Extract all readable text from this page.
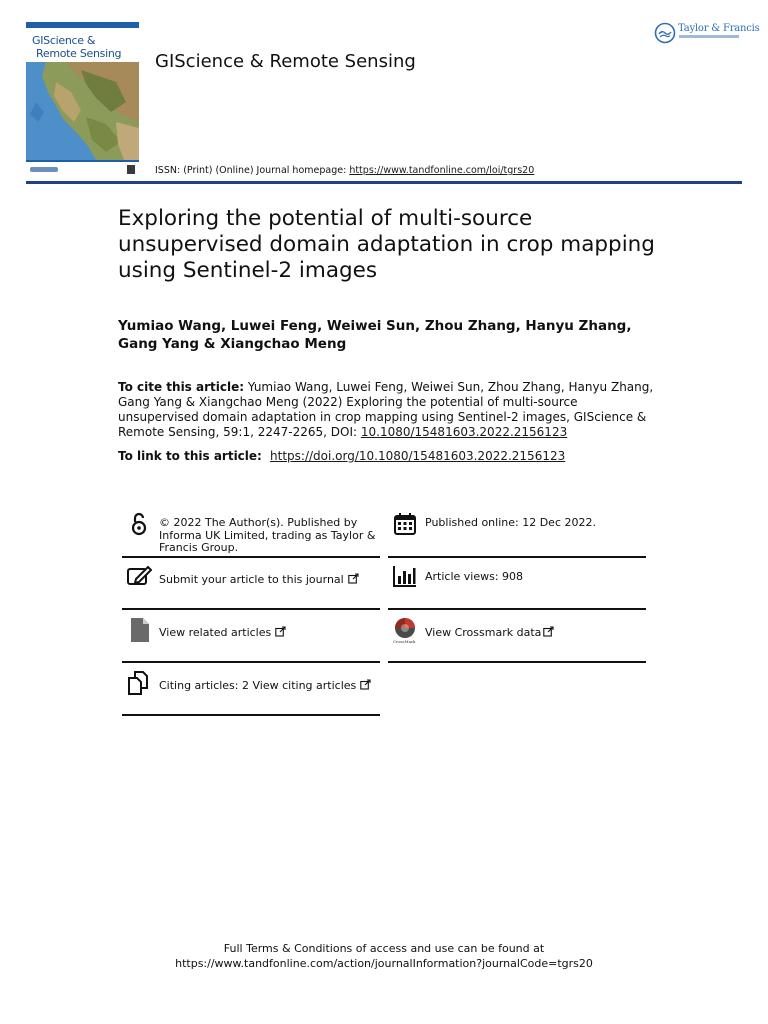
GIScience &
Remote Sensing GIScience & Remote Sensing
ISSN: (Print) (Online) Journal homepage: https://www.tandfonline.com/loi/tgrs20
Taylor & Francis
Exploring the potential of multi-source unsupervised domain adaptation in crop mapping using Sentinel-2 images
Yumiao Wang, Luwei Feng, Weiwei Sun, Zhou Zhang, Hanyu Zhang, Gang Yang & Xiangchao Meng
To cite this article: Yumiao Wang, Luwei Feng, Weiwei Sun, Zhou Zhang, Hanyu Zhang, Gang Yang & Xiangchao Meng (2022) Exploring the potential of multi-source unsupervised domain adaptation in crop mapping using Sentinel-2 images, GIScience & Remote Sensing, 59:1, 2247-2265, DOI: 10.1080/15481603.2022.2156123
To link to this article: https://doi.org/10.1080/15481603.2022.2156123
© 2022 The Author(s). Published by Informa UK Limited, trading as Taylor & Francis Group.
Published online: 12 Dec 2022.
Submit your article to this journal	Article views: 908
View related articles
CrossMark
View Crossmark data
Citing articles: 2 View citing articles
Full Terms & Conditions of access and use can be found at
https://www.tandfonline.com/action/journalInformation?journalCode=tgrs20
